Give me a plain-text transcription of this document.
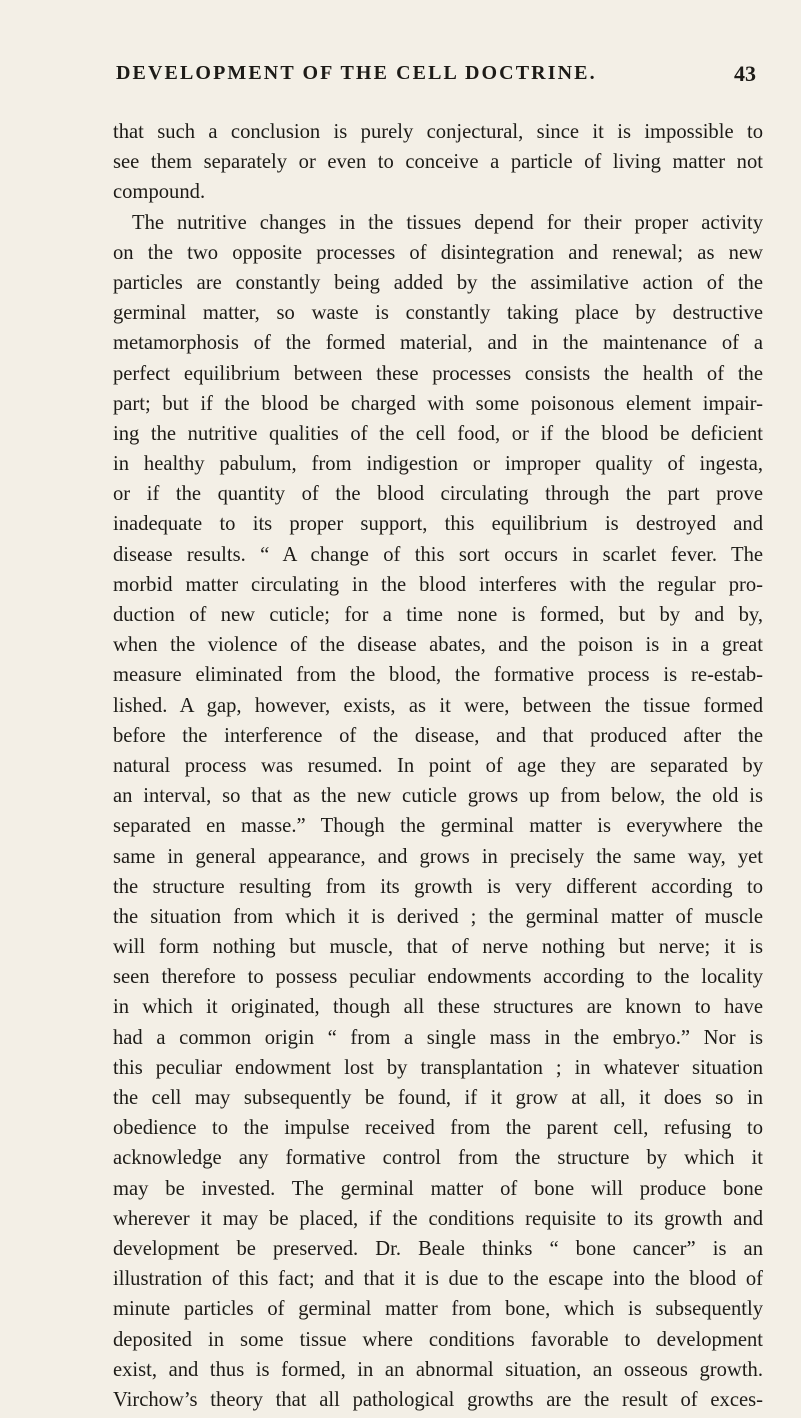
DEVELOPMENT OF THE CELL DOCTRINE.	43
that such a conclusion is purely conjectural, since it is impossible to
see them separately or even to conceive a particle of living matter not
compound.
The nutritive changes in the tissues depend for their proper activity
on the two opposite processes of disintegration and renewal; as new
particles are constantly being added by the assimilative action of the
germinal matter, so waste is constantly taking place by destructive
metamorphosis of the formed material, and in the maintenance of a
perfect equilibrium between these processes consists the health of the
part; but if the blood be charged with some poisonous element impair-
ing the nutritive qualities of the cell food, or if the blood be deficient
in healthy pabulum, from indigestion or improper quality of ingesta,
or if the quantity of the blood circulating through the part prove
inadequate to its proper support, this equilibrium is destroyed and
disease results. “ A change of this sort occurs in scarlet fever. The
morbid matter circulating in the blood interferes with the regular pro-
duction of new cuticle; for a time none is formed, but by and by,
when the violence of the disease abates, and the poison is in a great
measure eliminated from the blood, the formative process is re-estab-
lished. A gap, however, exists, as it were, between the tissue formed
before the interference of the disease, and that produced after the
natural process was resumed. In point of age they are separated by
an interval, so that as the new cuticle grows up from below, the old is
separated en masse.” Though the germinal matter is everywhere the
same in general appearance, and grows in precisely the same way, yet
the structure resulting from its growth is very different according to
the situation from which it is derived ; the germinal matter of muscle
will form nothing but muscle, that of nerve nothing but nerve; it is
seen therefore to possess peculiar endowments according to the locality
in which it originated, though all these structures are known to have
had a common origin “ from a single mass in the embryo.” Nor is
this peculiar endowment lost by transplantation ; in whatever situation
the cell may subsequently be found, if it grow at all, it does so in
obedience to the impulse received from the parent cell, refusing to
acknowledge any formative control from the structure by which it
may be invested. The germinal matter of bone will produce bone
wherever it may be placed, if the conditions requisite to its growth and
development be preserved. Dr. Beale thinks “ bone cancer” is an
illustration of this fact; and that it is due to the escape into the blood of
minute particles of germinal matter from bone, which is subsequently
deposited in some tissue where conditions favorable to development
exist, and thus is formed, in an abnormal situation, an osseous growth.
Virchow’s theory that all pathological growths are the result of exces-
